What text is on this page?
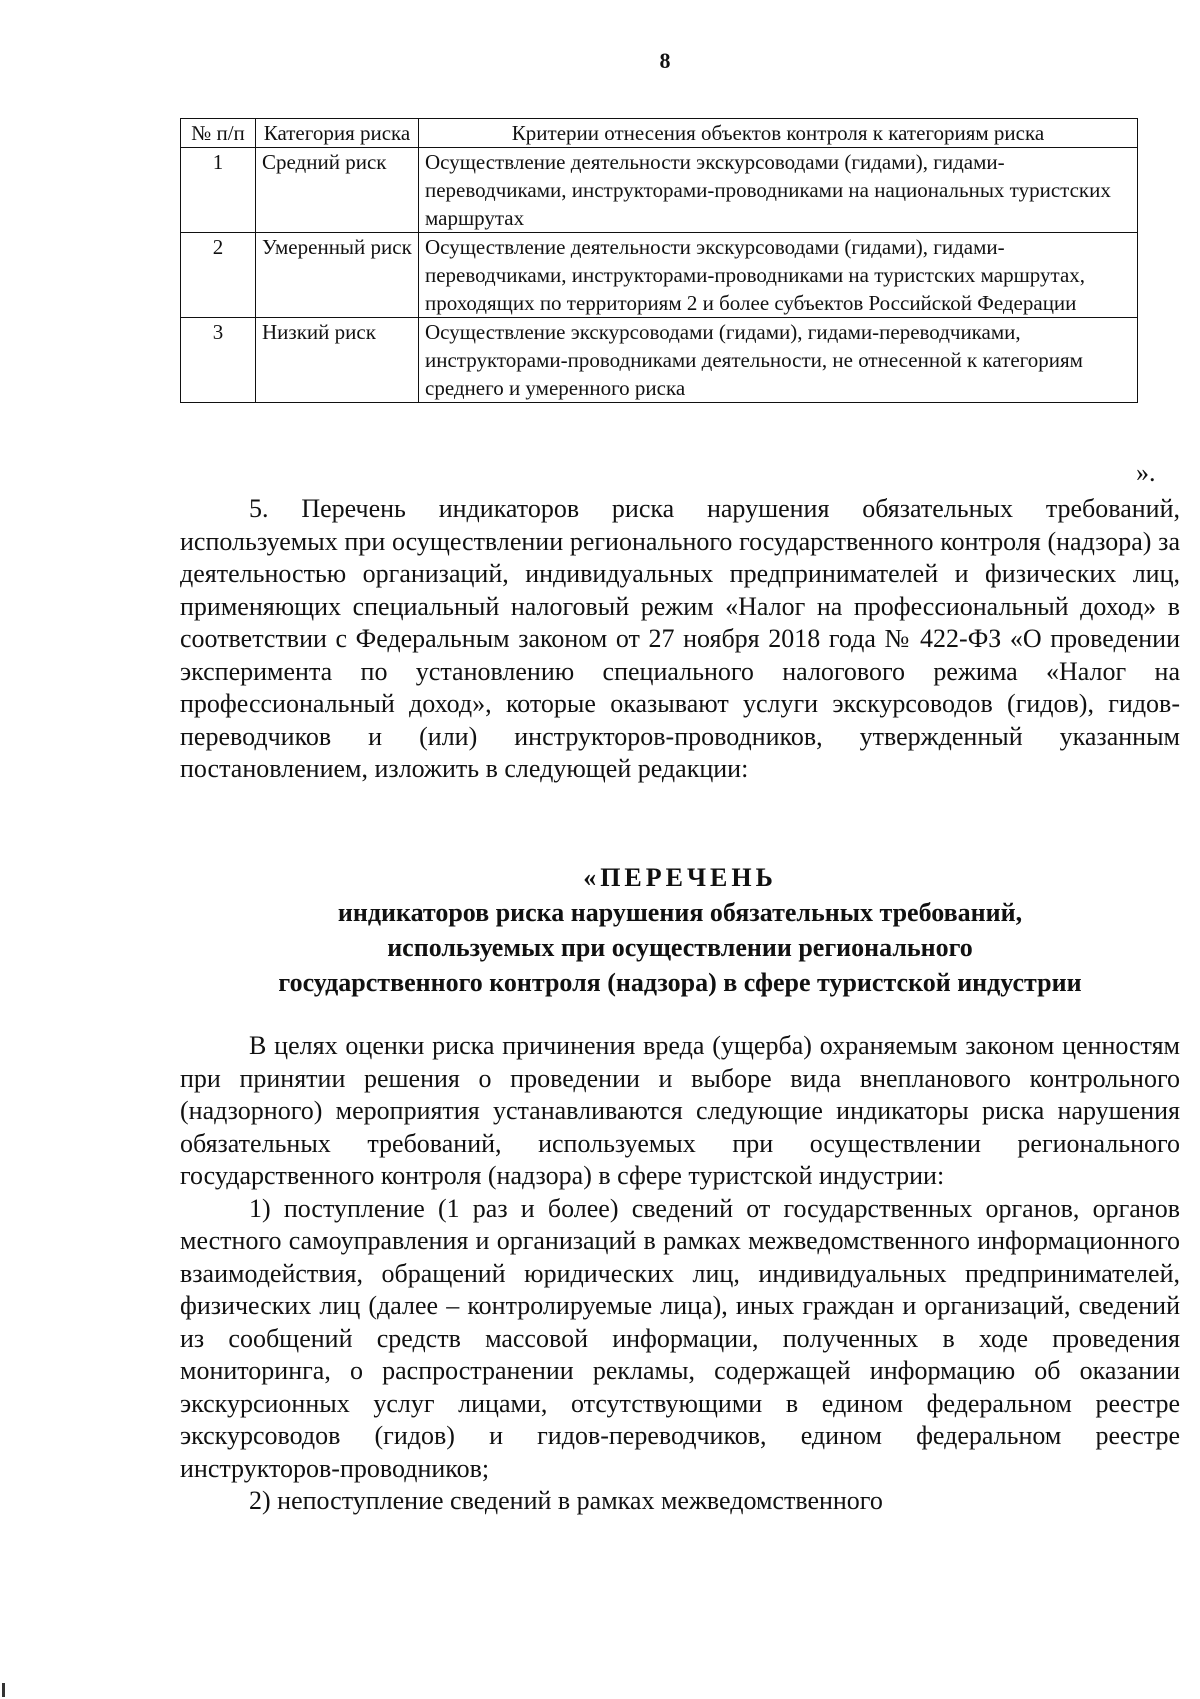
8
№ п/п	Категория риска	Критерии отнесения объектов контроля к категориям риска
1	Средний риск	Осуществление деятельности экскурсоводами (гидами), гидами-переводчиками, инструкторами-проводниками на национальных туристских маршрутах
2	Умеренный риск	Осуществление деятельности экскурсоводами (гидами), гидами-переводчиками, инструкторами-проводниками на туристских маршрутах, проходящих по территориям 2 и более субъектов Российской Федерации
3	Низкий риск	Осуществление экскурсоводами (гидами), гидами-переводчиками, инструкторами-проводниками деятельности, не отнесенной к категориям среднего и умеренного риска
».

5. Перечень индикаторов риска нарушения обязательных требований, используемых при осуществлении регионального государственного контроля (надзора) за деятельностью организаций, индивидуальных предпринимателей и физических лиц, применяющих специальный налоговый режим «Налог на профессиональный доход» в соответствии с Федеральным законом от 27 ноября 2018 года № 422-ФЗ «О проведении эксперимента по установлению специального налогового режима «Налог на профессиональный доход», которые оказывают услуги экскурсоводов (гидов), гидов-переводчиков и (или) инструкторов-проводников, утвержденный указанным постановлением, изложить в следующей редакции:

«ПЕРЕЧЕНЬ
индикаторов риска нарушения обязательных требований,
используемых при осуществлении регионального
государственного контроля (надзора) в сфере туристской индустрии

В целях оценки риска причинения вреда (ущерба) охраняемым законом ценностям при принятии решения о проведении и выборе вида внепланового контрольного (надзорного) мероприятия устанавливаются следующие индикаторы риска нарушения обязательных требований, используемых при осуществлении регионального государственного контроля (надзора) в сфере туристской индустрии:

1) поступление (1 раз и более) сведений от государственных органов, органов местного самоуправления и организаций в рамках межведомственного информационного взаимодействия, обращений юридических лиц, индивидуальных предпринимателей, физических лиц (далее – контролируемые лица), иных граждан и организаций, сведений из сообщений средств массовой информации, полученных в ходе проведения мониторинга, о распространении рекламы, содержащей информацию об оказании экскурсионных услуг лицами, отсутствующими в едином федеральном реестре экскурсоводов (гидов) и гидов-переводчиков, едином федеральном реестре инструкторов-проводников;

2) непоступление сведений в рамках межведомственного
